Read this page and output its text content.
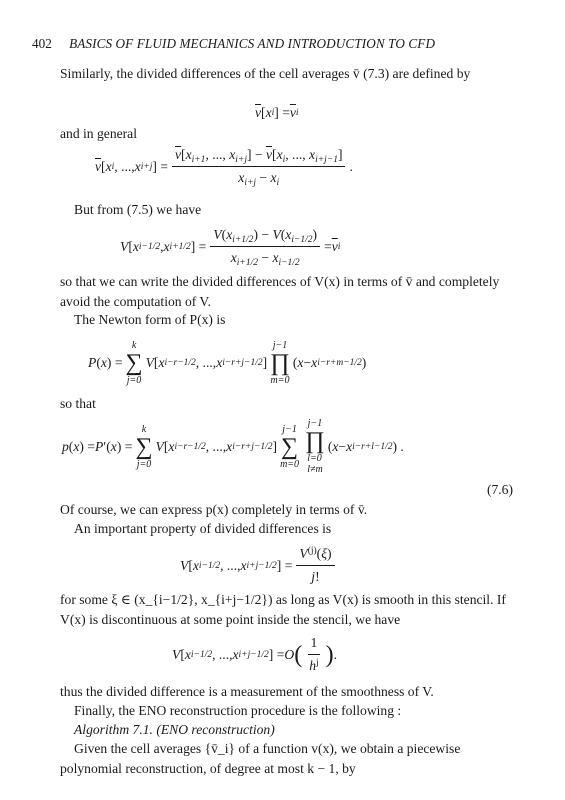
402 BASICS OF FLUID MECHANICS AND INTRODUCTION TO CFD
Similarly, the divided differences of the cell averages v̄ (7.3) are defined by
$\overline{v}$ [ x i ] = $\overline{v}$ i
and in general
$\overline{v}$ [ x i , ..., x i+j ] = $\frac{\overline{v}[x_{i+1}, ..., x_{i+j}] - \overline{v}[x_i, ..., x_{i+j-1}]}{x_{i+j} - x_i}$ .
But from (7.5) we have
V [ x i−1/2 , x i+1/2 ] = $\frac{V(x_{i+1/2}) - V(x_{i-1/2})}{x_{i+1/2} - x_{i-1/2}} = \overline{v}$ i
so that we can write the divided differences of V(x) in terms of v̄ and completely avoid the computation of V.
The Newton form of P(x) is
P ( x ) =
k
∑
j=0
V [ x i−r−1/2 , ..., x i−r+j−1/2 ]
j−1
∏
m=0
( x − x i−r+m−1/2 )
so that
p ( x ) = P ′( x ) =
k
∑
j=0
V [ x i−r−1/2 , ..., x i−r+j−1/2 ]
j−1
∑
m=0
j−1
∏
l=0
l≠m
( x − x i−r+l−1/2 ) .
(7.6)
Of course, we can express p(x) completely in terms of v̄.
An important property of divided differences is
V [ x i−1/2 , ..., x i+j−1/2 ] = $\frac{V^{(j)}(\xi)}{j!}$
for some ξ ∈ (x_{i−1/2}, x_{i+j−1/2}) as long as V(x) is smooth in this stencil. If V(x) is discontinuous at some point inside the stencil, we have
V [ x i−1/2 , ..., x i+j−1/2 ] = O ( $\frac{1}{h^j}$ ) .
thus the divided difference is a measurement of the smoothness of V.
Finally, the ENO reconstruction procedure is the following :
Algorithm 7.1. (ENO reconstruction)
Given the cell averages {v̄_i} of a function v(x), we obtain a piecewise polynomial reconstruction, of degree at most k − 1, by
